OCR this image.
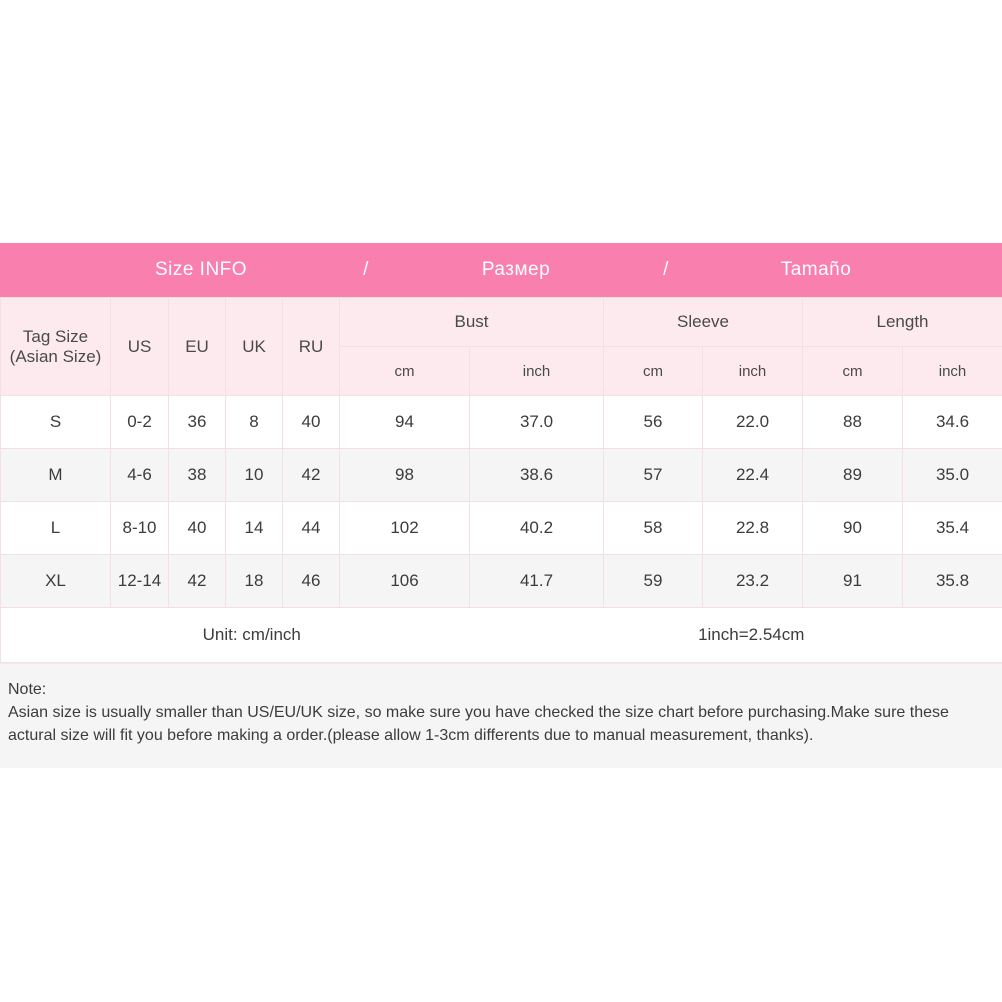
Size INFO	/	Размер	/	Tamaño
Tag Size
(Asian Size)	US	EU	UK	RU	Bust		Sleeve		Length	
					cm	inch	cm	inch	cm	inch
S	0-2	36	8	40	94	37.0	56	22.0	88	34.6
M	4-6	38	10	42	98	38.6	57	22.4	89	35.0
L	8-10	40	14	44	102	40.2	58	22.8	90	35.4
XL	12-14	42	18	46	106	41.7	59	23.2	91	35.8

Unit: cm/inch 1inch=2.54cm										
Note:
Asian size is usually smaller than US/EU/UK size, so make sure you have checked the size chart before purchasing.Make sure these actural size will fit you before making a order.(please allow 1-3cm differents due to manual measurement, thanks).
